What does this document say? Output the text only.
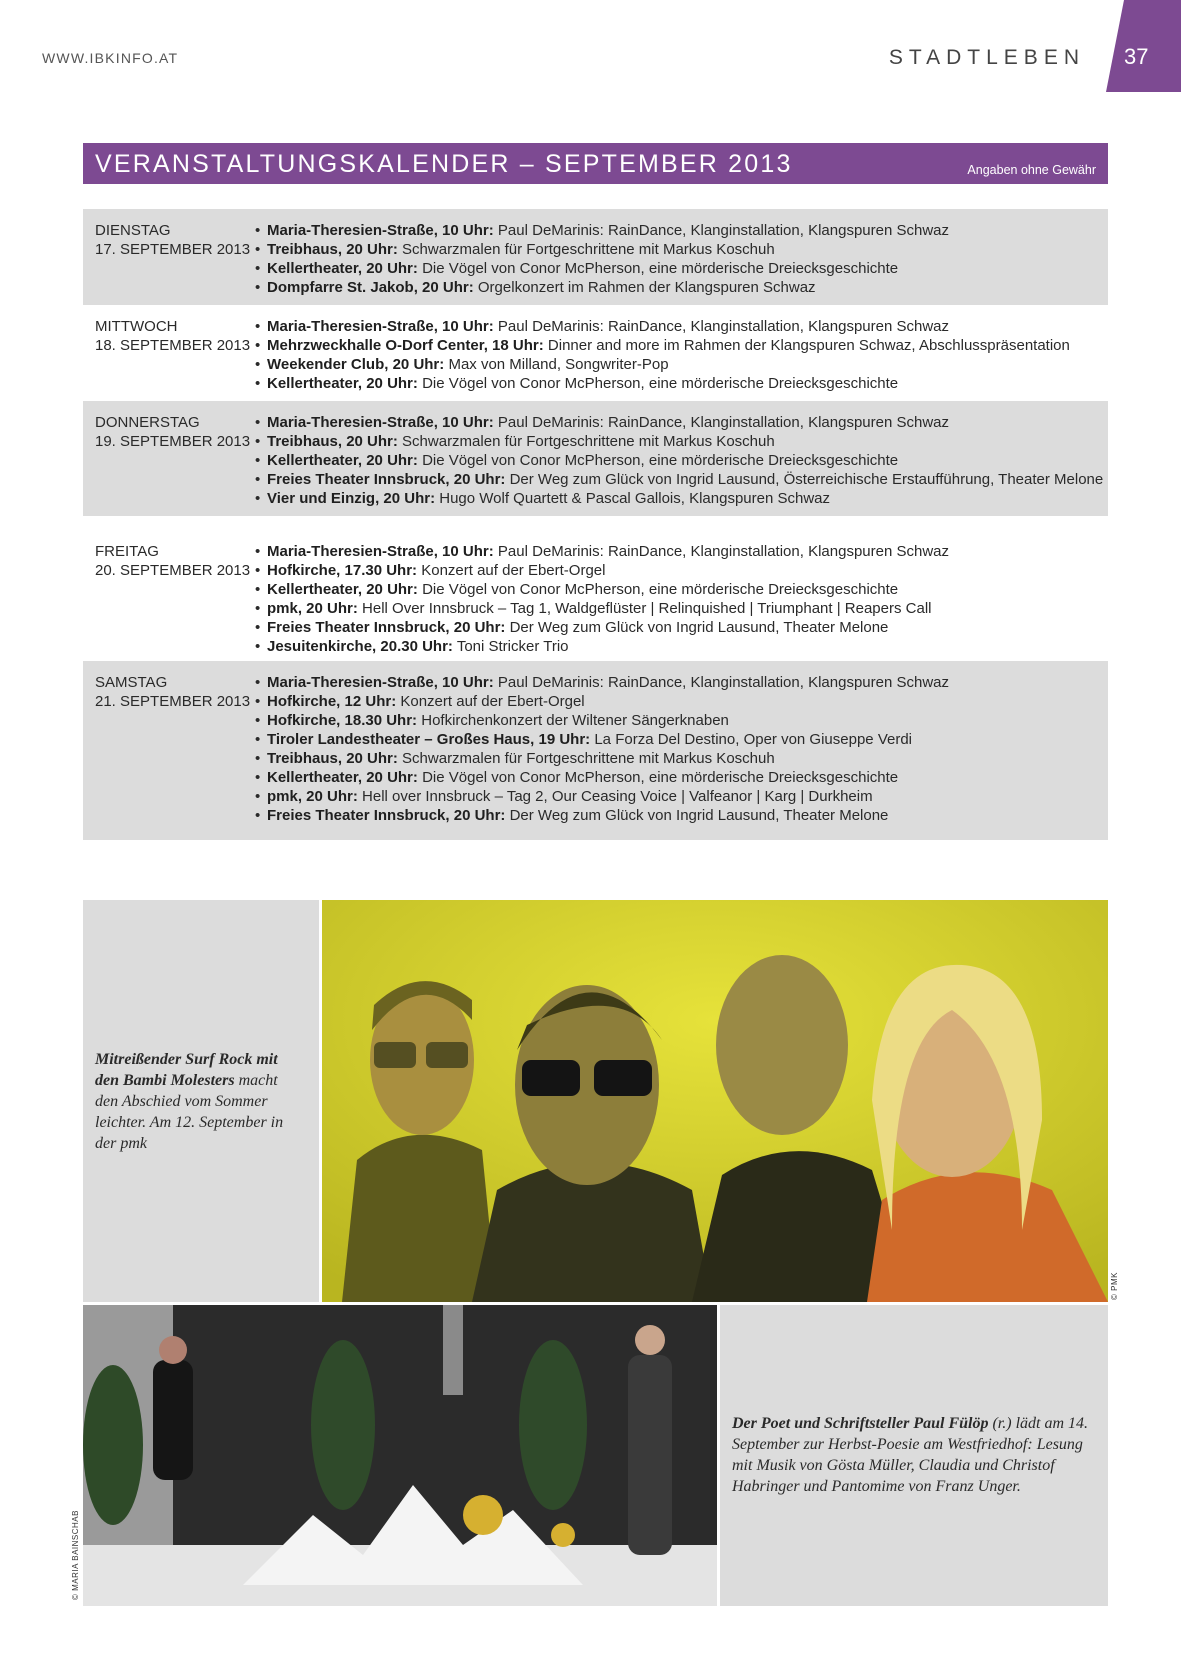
WWW.IBKINFO.AT	STADTLEBEN 37
VERANSTALTUNGSKALENDER – SEPTEMBER 2013	Angaben ohne Gewähr
DIENSTAG
17. SEPTEMBER 2013
• Maria-Theresien-Straße, 10 Uhr: Paul DeMarinis: RainDance, Klanginstallation, Klangspuren Schwaz
• Treibhaus, 20 Uhr: Schwarzmalen für Fortgeschrittene mit Markus Koschuh
• Kellertheater, 20 Uhr: Die Vögel von Conor McPherson, eine mörderische Dreiecksgeschichte
• Dompfarre St. Jakob, 20 Uhr: Orgelkonzert im Rahmen der Klangspuren Schwaz
MITTWOCH
18. SEPTEMBER 2013
• Maria-Theresien-Straße, 10 Uhr: Paul DeMarinis: RainDance, Klanginstallation, Klangspuren Schwaz
• Mehrzweckhalle O-Dorf Center, 18 Uhr: Dinner and more im Rahmen der Klangspuren Schwaz, Abschlusspräsentation
• Weekender Club, 20 Uhr: Max von Milland, Songwriter-Pop
• Kellertheater, 20 Uhr: Die Vögel von Conor McPherson, eine mörderische Dreiecksgeschichte
DONNERSTAG
19. SEPTEMBER 2013
• Maria-Theresien-Straße, 10 Uhr: Paul DeMarinis: RainDance, Klanginstallation, Klangspuren Schwaz
• Treibhaus, 20 Uhr: Schwarzmalen für Fortgeschrittene mit Markus Koschuh
• Kellertheater, 20 Uhr: Die Vögel von Conor McPherson, eine mörderische Dreiecksgeschichte
• Freies Theater Innsbruck, 20 Uhr: Der Weg zum Glück von Ingrid Lausund, Österreichische Erstaufführung, Theater Melone
• Vier und Einzig, 20 Uhr: Hugo Wolf Quartett & Pascal Gallois, Klangspuren Schwaz
FREITAG
20. SEPTEMBER 2013
• Maria-Theresien-Straße, 10 Uhr: Paul DeMarinis: RainDance, Klanginstallation, Klangspuren Schwaz
• Hofkirche, 17.30 Uhr: Konzert auf der Ebert-Orgel
• Kellertheater, 20 Uhr: Die Vögel von Conor McPherson, eine mörderische Dreiecksgeschichte
• pmk, 20 Uhr: Hell Over Innsbruck – Tag 1, Waldgeflüster | Relinquished | Triumphant | Reapers Call
• Freies Theater Innsbruck, 20 Uhr: Der Weg zum Glück von Ingrid Lausund, Theater Melone
• Jesuitenkirche, 20.30 Uhr: Toni Stricker Trio
SAMSTAG
21. SEPTEMBER 2013
• Maria-Theresien-Straße, 10 Uhr: Paul DeMarinis: RainDance, Klanginstallation, Klangspuren Schwaz
• Hofkirche, 12 Uhr: Konzert auf der Ebert-Orgel
• Hofkirche, 18.30 Uhr: Hofkirchenkonzert der Wiltener Sängerknaben
• Tiroler Landestheater – Großes Haus, 19 Uhr: La Forza Del Destino, Oper von Giuseppe Verdi
• Treibhaus, 20 Uhr: Schwarzmalen für Fortgeschrittene mit Markus Koschuh
• Kellertheater, 20 Uhr: Die Vögel von Conor McPherson, eine mörderische Dreiecksgeschichte
• pmk, 20 Uhr: Hell over Innsbruck – Tag 2, Our Ceasing Voice | Valfeanor | Karg | Durkheim
• Freies Theater Innsbruck, 20 Uhr: Der Weg zum Glück von Ingrid Lausund, Theater Melone
Mitreißender Surf Rock mit den Bambi Molesters macht den Abschied vom Sommer leichter. Am 12. September in der pmk
© PMK
© MARIA BAINSCHAB
Der Poet und Schriftsteller Paul Fülöp (r.) lädt am 14. September zur Herbst-Poesie am Westfriedhof: Lesung mit Musik von Gösta Müller, Claudia und Christof Habringer und Pantomime von Franz Unger.
